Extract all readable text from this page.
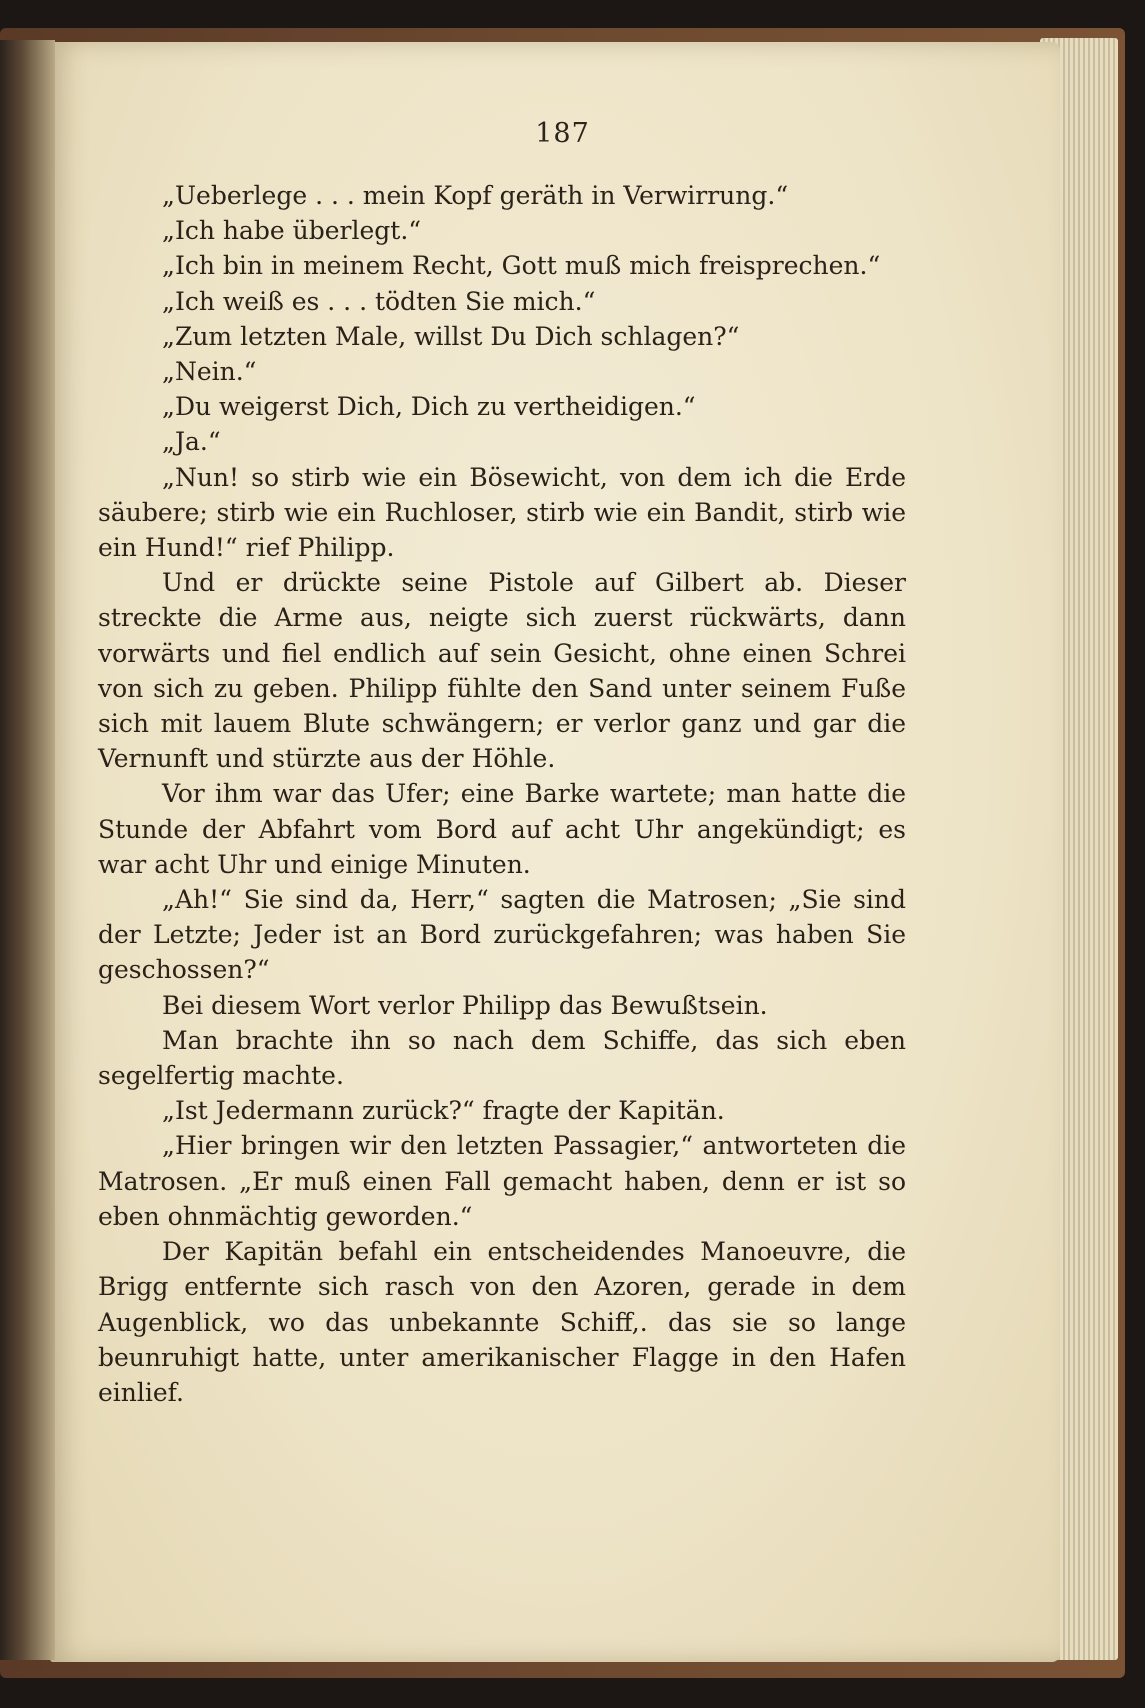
187

„Ueberlege . . . mein Kopf geräth in Verwirrung.“

„Ich habe überlegt.“

„Ich bin in meinem Recht, Gott muß mich freisprechen.“

„Ich weiß es . . . tödten Sie mich.“

„Zum letzten Male, willst Du Dich schlagen?“

„Nein.“

„Du weigerst Dich, Dich zu vertheidigen.“

„Ja.“

„Nun! so stirb wie ein Bösewicht, von dem ich die Erde säubere; stirb wie ein Ruchloser, stirb wie ein Bandit, stirb wie ein Hund!“ rief Philipp.

Und er drückte seine Pistole auf Gilbert ab. Dieser streckte die Arme aus, neigte sich zuerst rückwärts, dann vorwärts und fiel endlich auf sein Gesicht, ohne einen Schrei von sich zu geben. Philipp fühlte den Sand unter seinem Fuße sich mit lauem Blute schwängern; er verlor ganz und gar die Vernunft und stürzte aus der Höhle.

Vor ihm war das Ufer; eine Barke wartete; man hatte die Stunde der Abfahrt vom Bord auf acht Uhr angekündigt; es war acht Uhr und einige Minuten.

„Ah!“ Sie sind da, Herr,“ sagten die Matrosen; „Sie sind der Letzte; Jeder ist an Bord zurückgefahren; was haben Sie geschossen?“

Bei diesem Wort verlor Philipp das Bewußtsein.

Man brachte ihn so nach dem Schiffe, das sich eben segelfertig machte.

„Ist Jedermann zurück?“ fragte der Kapitän.

„Hier bringen wir den letzten Passagier,“ antworteten die Matrosen. „Er muß einen Fall gemacht haben, denn er ist so eben ohnmächtig geworden.“

Der Kapitän befahl ein entscheidendes Manoeuvre, die Brigg entfernte sich rasch von den Azoren, gerade in dem Augenblick, wo das unbekannte Schiff,. das sie so lange beunruhigt hatte, unter amerikanischer Flagge in den Hafen einlief.
